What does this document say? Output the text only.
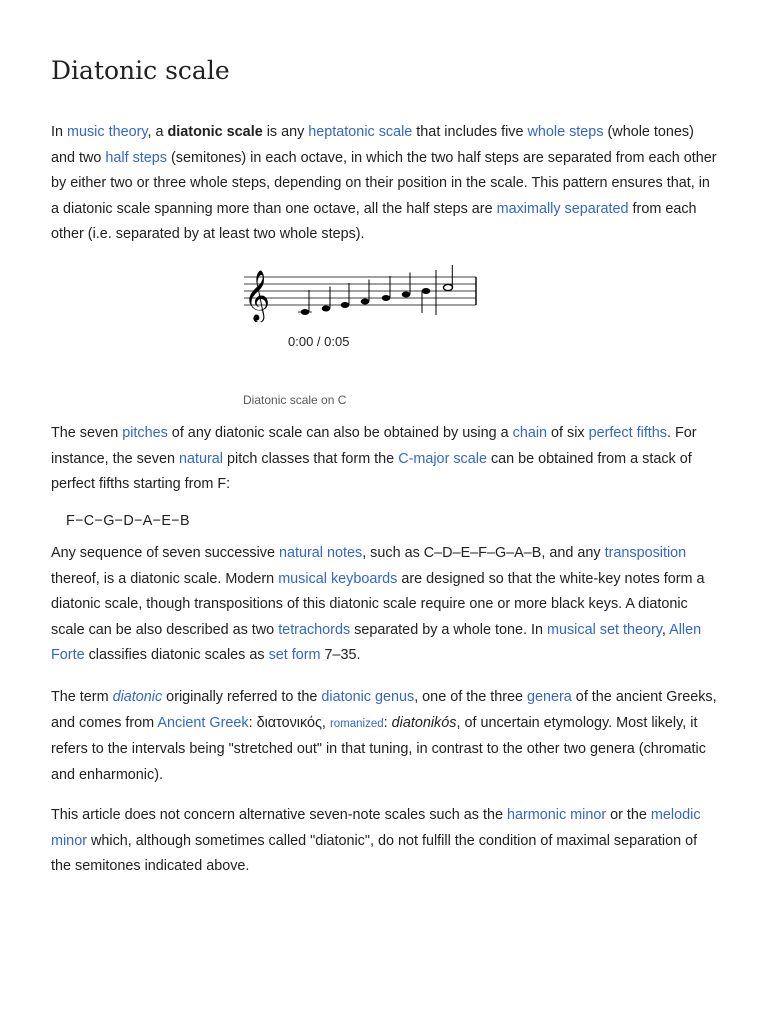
Diatonic scale

In music theory, a diatonic scale is any heptatonic scale that includes five whole steps (whole tones) and two half steps (semitones) in each octave, in which the two half steps are separated from each other by either two or three whole steps, depending on their position in the scale. This pattern ensures that, in a diatonic scale spanning more than one octave, all the half steps are maximally separated from each other (i.e. separated by at least two whole steps).

𝄞
0:00 / 0:05
Diatonic scale on C

The seven pitches of any diatonic scale can also be obtained by using a chain of six perfect fifths. For instance, the seven natural pitch classes that form the C-major scale can be obtained from a stack of perfect fifths starting from F:

F−C−G−D−A−E−B

Any sequence of seven successive natural notes, such as C–D–E–F–G–A–B, and any transposition thereof, is a diatonic scale. Modern musical keyboards are designed so that the white-key notes form a diatonic scale, though transpositions of this diatonic scale require one or more black keys. A diatonic scale can be also described as two tetrachords separated by a whole tone. In musical set theory, Allen Forte classifies diatonic scales as set form 7–35.

The term diatonic originally referred to the diatonic genus, one of the three genera of the ancient Greeks, and comes from Ancient Greek: διατονικός, romanized: diatonikós, of uncertain etymology. Most likely, it refers to the intervals being "stretched out" in that tuning, in contrast to the other two genera (chromatic and enharmonic).

This article does not concern alternative seven-note scales such as the harmonic minor or the melodic minor which, although sometimes called "diatonic", do not fulfill the condition of maximal separation of the semitones indicated above.
